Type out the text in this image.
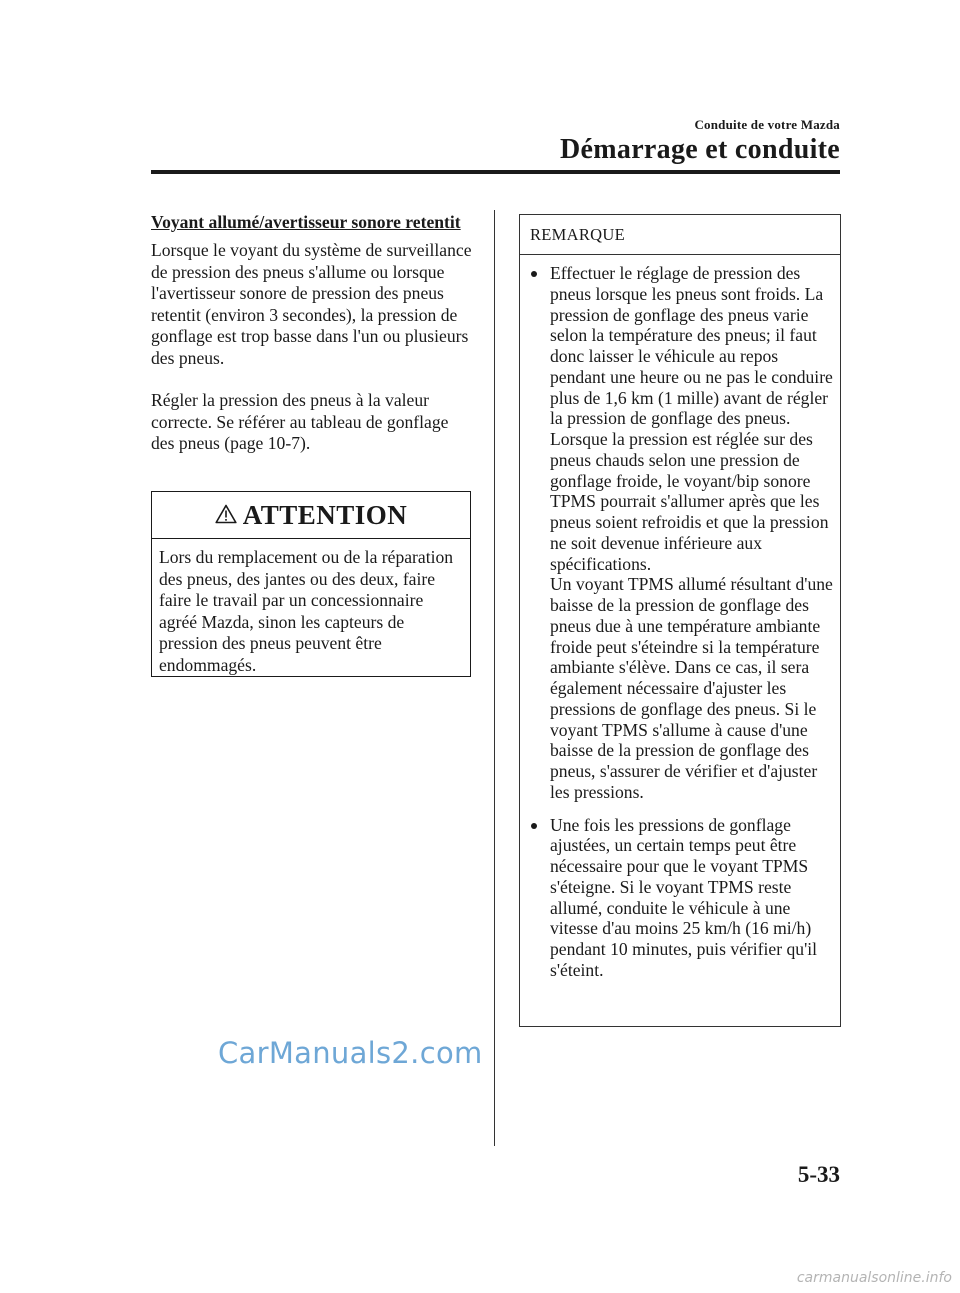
Conduite de votre Mazda
Démarrage et conduite
Voyant allumé/avertisseur sonore retentit

Lorsque le voyant du système de surveillance de pression des pneus s'allume ou lorsque l'avertisseur sonore de pression des pneus retentit (environ 3 secondes), la pression de gonflage est trop basse dans l'un ou plusieurs des pneus.

Régler la pression des pneus à la valeur correcte. Se référer au tableau de gonflage des pneus (page 10-7).

ATTENTION
Lors du remplacement ou de la réparation des pneus, des jantes ou des deux, faire faire le travail par un concessionnaire agréé Mazda, sinon les capteurs de pression des pneus peuvent être endommagés.
REMARQUE
Effectuer le réglage de pression des pneus lorsque les pneus sont froids. La pression de gonflage des pneus varie selon la température des pneus; il faut donc laisser le véhicule au repos pendant une heure ou ne pas le conduire plus de 1,6 km (1 mille) avant de régler la pression de gonflage des pneus. Lorsque la pression est réglée sur des pneus chauds selon une pression de gonflage froide, le voyant/bip sonore TPMS pourrait s'allumer après que les pneus soient refroidis et que la pression ne soit devenue inférieure aux spécifications.
Un voyant TPMS allumé résultant d'une baisse de la pression de gonflage des pneus due à une température ambiante froide peut s'éteindre si la température ambiante s'élève. Dans ce cas, il sera également nécessaire d'ajuster les pressions de gonflage des pneus. Si le voyant TPMS s'allume à cause d'une baisse de la pression de gonflage des pneus, s'assurer de vérifier et d'ajuster les pressions.
Une fois les pressions de gonflage ajustées, un certain temps peut être nécessaire pour que le voyant TPMS s'éteigne. Si le voyant TPMS reste allumé, conduite le véhicule à une vitesse d'au moins 25 km/h (16 mi/h) pendant 10 minutes, puis vérifier qu'il s'éteint.
CarManuals2.com
5-33
carmanualsonline.info
